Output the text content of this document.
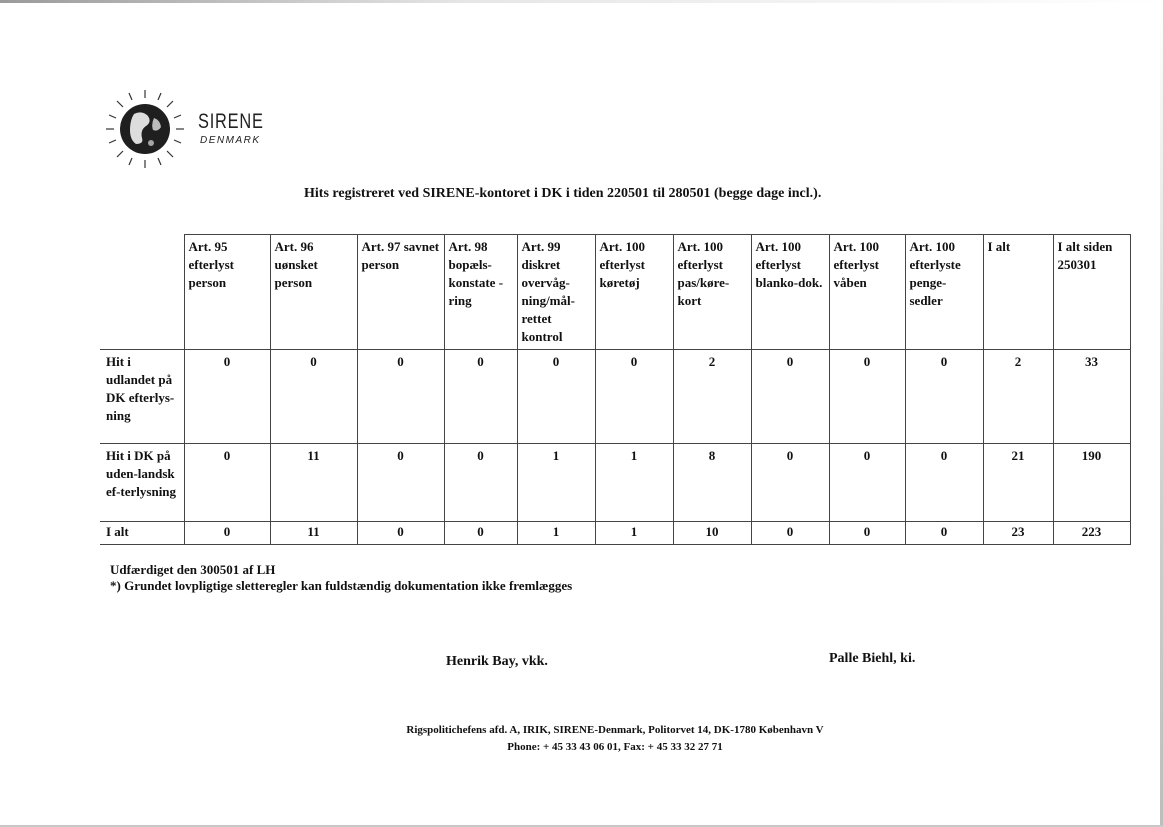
SIRENE
DENMARK
Hits registreret ved SIRENE-kontoret i DK i tiden 220501 til 280501 (begge dage incl.).
	Art. 95 efterlyst person	Art. 96 uønsket person	Art. 97 savnet person	Art. 98 bopæls-konstate -ring	Art. 99 diskret overvåg-ning/mål-rettet kontrol	Art. 100 efterlyst køretøj	Art. 100 efterlyst pas/køre-kort	Art. 100 efterlyst blanko-dok.	Art. 100 efterlyst våben	Art. 100 efterlyste penge-sedler	I alt	I alt siden 250301
Hit i udlandet på DK efterlys-ning	0	0	0	0	0	0	2	0	0	0	2	33
Hit i DK på uden-landsk ef-terlysning	0	11	0	0	1	1	8	0	0	0	21	190
I alt	0	11	0	0	1	1	10	0	0	0	23	223
Udfærdiget den 300501 af LH
*) Grundet lovpligtige sletteregler kan fuldstændig dokumentation ikke fremlægges
Henrik Bay, vkk.	Palle Biehl, ki.
Rigspolitichefens afd. A, IRIK, SIRENE-Denmark, Politorvet 14, DK-1780 København V
Phone: + 45 33 43 06 01, Fax: + 45 33 32 27 71
